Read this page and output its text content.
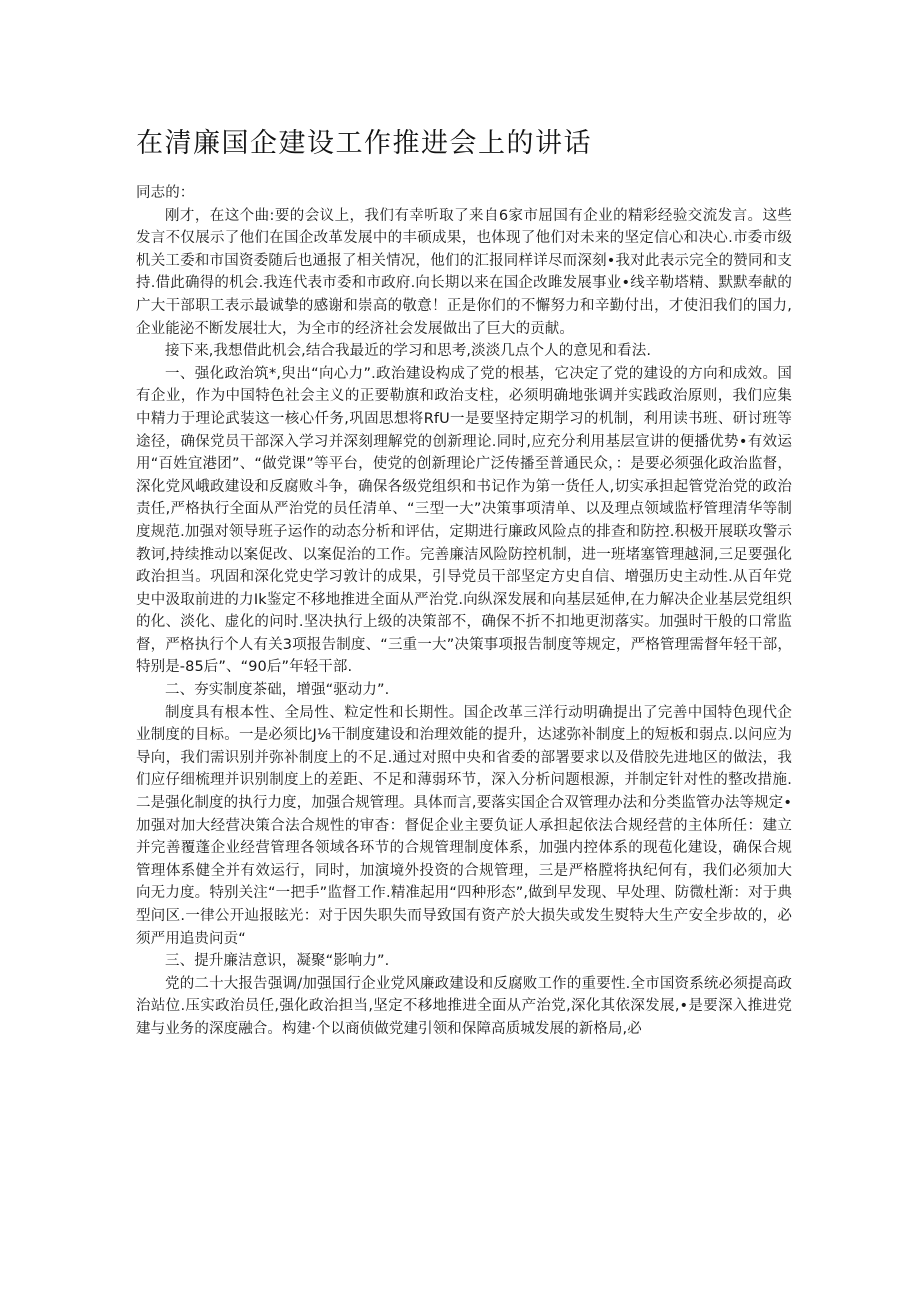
在清廉国企建设工作推进会上的讲话

同志的：

刚才，在这个曲:要的会议上，我们有幸听取了来自6家市屈国有企业的精彩经验交流发言。这些发言不仅展示了他们在国企改革发展中的丰硕成果，也体现了他们对未来的坚定信心和决心.市委市级机关工委和市国资委随后也通报了相关情况，他们的汇报同样详尽而深刻•我对此表示完全的赞同和支持.借此确得的机会.我连代表市委和市政府.向长期以来在国企改雎发展事业•线辛勒塔精、默默奉献的广大干部职工表示最诚挚的感谢和崇高的敬意！正是你们的不懈努力和辛勤付出，才使汨我们的国力,企业能泌不断发展壮大，为全市的经济社会发展做出了巨大的贡献。

接下来,我想借此机会,结合我最近的学习和思考,淡淡几点个人的意见和看法.

一、强化政治筑*,臾出“向心力”.政治建设构成了党的根基，它决定了党的建设的方向和成效。国有企业，作为中国特色社会主义的正要勒旗和政治支柱，必须明确地张调并实践政治原则，我们应集中精力于理论武装这一核心仟务,巩固思想将RfU一是要坚持定期学习的机制，利用读书班、研讨班等途径，确保党员干部深入学习并深刻理解党的创新理论.同时,应充分利用基层宣讲的便播优势•有效运用“百姓宜港团”、“做党课”等平台，使党的创新理论广泛传播至普通民众，：是要必须强化政治监督，深化党风峨政建设和反腐败斗争，确保各级党组织和书记作为第一货任人,切实承担起管党治党的政治责任,严格执行全面从严治党的员任清单、“三型一大”决策事项清单、以及理点领域监杼管理清华等制度规范.加强对领导班子运作的动态分析和评估，定期进行廉政风险点的排查和防控.积极开展联攻警示教诃,持续推动以案促改、以案促治的工作。完善廉洁风险防控机制，进一班堵塞管理越洞,三足要强化政治担当。巩固和深化党史学习敦计的成果，引导党员干部坚定方史自信、增强历史主动性.从百年党史中汲取前进的力Ik鉴定不移地推进全面从严治党.向纵深发展和向基层延伸,在力解决企业基层党组织的化、淡化、虚化的问时.坚决执行上级的决策部不，确保不折不扣地更沏落实。加强时干般的口常监督，严格执行个人有关3项报告制度、“三重一大”决策事项报告制度等规定，严格管理需督年轻干部，特别是-85后”、“90后”年轻干部.

二、夯实制度茶础，增强“驱动力”.

制度具有根本性、全局性、粒定性和长期性。国企改革三洋行动明确提出了完善中国特色现代企业制度的目标。一是必须比J⅛干制度建设和治理效能的提升，达逑弥补制度上的短板和弱点.以问应为导向，我们需识别并弥补制度上的不足.通过对照中央和省委的部署要求以及借胶先进地区的做法，我们应仔细梳理并识别制度上的差距、不足和薄弱环节，深入分析问题根源，并制定针对性的整改措施.二是强化制度的执行力度，加强合规管理。具体而言,要落实国企合双管理办法和分类监管办法等规定•加强对加大经营决策合法合规性的审杳：督促企业主要负证人承担起依法合规经营的主体所任：建立并完善覆蓬企业经营管理各领域各环节的合规管理制度体系，加强内控体系的现苞化建设，确保合规管理体系健全并有效运行，同时，加演境外投资的合规管理，三是严格膛将执纪何有，我们必须加大向无力度。特别关注“一把手”监督工作.精准起用“四种形态”,做到早发现、早处理、防微杜渐：对于典型问区.一律公开辿报眩光：对于因失职失而导致国有资产於大损失或发生熨特大生产安全步故的，必须严用追贵问贡“

三、提升廉洁意识，凝聚“影响力”.

党的二十大报告强调/加强国行企业党风廉政建设和反腐败工作的重要性.全市国资系统必须提高政治站位.压实政治员任,强化政治担当,坚定不移地推进全面从产治党,深化其依深发展,•是要深入推进党建与业务的深度融合。构建·个以商侦做党建引领和保障高质城发展的新格局,必
